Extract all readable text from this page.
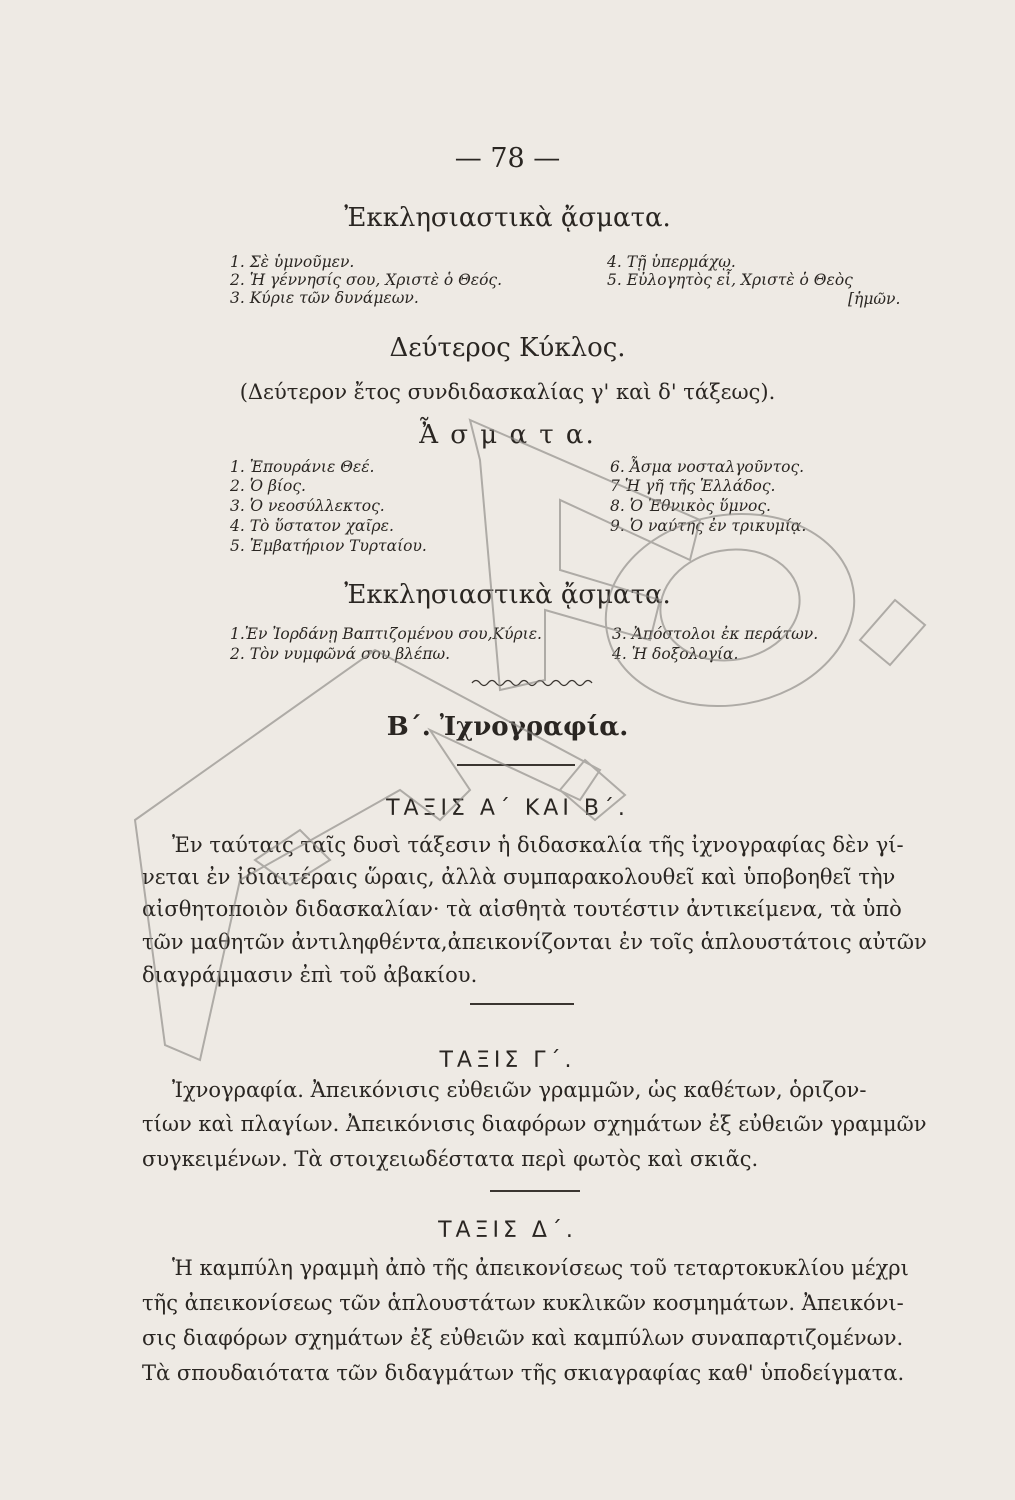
— 78 —
Ἐκκλησιαστικὰ ᾄσματα.
1. Σὲ ὑμνοῦμεν.
2. Ἡ γέννησίς σου, Χριστὲ ὁ Θεός.
3. Κύριε τῶν δυνάμεων.
4. Τῇ ὑπερμάχῳ.
5. Εὐλογητὸς εἶ, Χριστὲ ὁ Θεὸς
[ἡμῶν.
Δεύτερος Κύκλος.
(Δεύτερον ἔτος συνδιδασκαλίας γ' καὶ δ' τάξεως).
Ἆ σ μ α τ α.
1. Ἐπουράνιε Θεέ.
2. Ὁ βίος.
3. Ὁ νεοσύλλεκτος.
4. Τὸ ὕστατον χαῖρε.
5. Ἐμβατήριον Τυρταίου.
6. Ἆσμα νοσταλγοῦντος.
7 Ἡ γῆ τῆς Ἑλλάδος.
8. Ὁ Ἐθνικὸς ὕμνος.
9. Ὁ ναύτης ἐν τρικυμίᾳ.
Ἐκκλησιαστικὰ ᾄσματα.
1.Ἐν Ἰορδάνῃ Βαπτιζομένου σου,Κύριε.
2. Τὸν νυμφῶνά σου βλέπω.
3. Ἀπόστολοι ἐκ περάτων.
4. Ἡ δοξολογία.
Β΄. Ἰχνογραφία.
ΤΑΞΙΣ Α΄ ΚΑΙ Β΄.
Ἐν ταύταις ταῖς δυσὶ τάξεσιν ἡ διδασκαλία τῆς ἰχνογραφίας δὲν γί-
νεται ἐν ἰδιαιτέραις ὥραις, ἀλλὰ συμπαρακολουθεῖ καὶ ὑποβοηθεῖ τὴν
αἰσθητοποιὸν διδασκαλίαν· τὰ αἰσθητὰ τουτέστιν ἀντικείμενα, τὰ ὑπὸ
τῶν μαθητῶν ἀντιληφθέντα,ἀπεικονίζονται ἐν τοῖς ἁπλουστάτοις αὐτῶν
διαγράμμασιν ἐπὶ τοῦ ἀβακίου.
ΤΑΞΙΣ Γ΄.
Ἰχνογραφία. Ἀπεικόνισις εὐθειῶν γραμμῶν, ὡς καθέτων, ὁριζον-
τίων καὶ πλαγίων. Ἀπεικόνισις διαφόρων σχημάτων ἐξ εὐθειῶν γραμμῶν
συγκειμένων. Τὰ στοιχειωδέστατα περὶ φωτὸς καὶ σκιᾶς.
ΤΑΞΙΣ Δ΄.
Ἡ καμπύλη γραμμὴ ἀπὸ τῆς ἀπεικονίσεως τοῦ τεταρτοκυκλίου μέχρι
τῆς ἀπεικονίσεως τῶν ἁπλουστάτων κυκλικῶν κοσμημάτων. Ἀπεικόνι-
σις διαφόρων σχημάτων ἐξ εὐθειῶν καὶ καμπύλων συναπαρτιζομένων.
Τὰ σπουδαιότατα τῶν διδαγμάτων τῆς σκιαγραφίας καθ' ὑποδείγματα.
